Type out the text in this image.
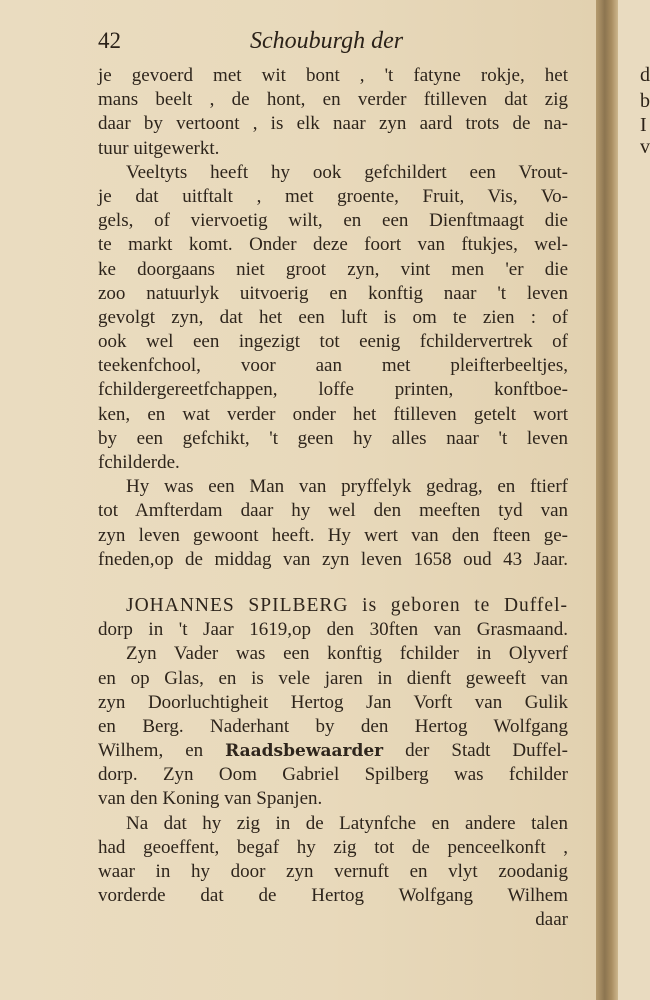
d
b
I
v
42	Schouburgh der
je gevoerd met wit bont , 't fatyne rokje, het
mans beelt , de hont, en verder ftilleven dat zig
daar by vertoont , is elk naar zyn aard trots de na-
tuur uitgewerkt.
Veeltyts heeft hy ook gefchildert een Vrout-
je dat uitftalt , met groente, Fruit, Vis, Vo-
gels, of viervoetig wilt, en een Dienftmaagt die
te markt komt. Onder deze foort van ftukjes, wel-
ke doorgaans niet groot zyn, vint men 'er die
zoo natuurlyk uitvoerig en konftig naar 't leven
gevolgt zyn, dat het een luft is om te zien : of
ook wel een ingezigt tot eenig fchildervertrek of
teekenfchool, voor aan met pleifterbeeltjes,
fchildergereetfchappen, loffe printen, konftboe-
ken, en wat verder onder het ftilleven getelt wort
by een gefchikt, 't geen hy alles naar 't leven
fchilderde.
Hy was een Man van pryffelyk gedrag, en ftierf
tot Amfterdam daar hy wel den meeften tyd van
zyn leven gewoont heeft. Hy wert van den fteen ge-
fneden,op de middag van zyn leven 1658 oud 43 Jaar.
JOHANNES SPILBERG is geboren te Duffel-
dorp in 't Jaar 1619,op den 30ften van Grasmaand.
Zyn Vader was een konftig fchilder in Olyverf
en op Glas, en is vele jaren in dienft geweeft van
zyn Doorluchtigheit Hertog Jan Vorft van Gulik
en Berg. Naderhant by den Hertog Wolfgang
Wilhem, en Raadsbewaarder der Stadt Duffel-
dorp. Zyn Oom Gabriel Spilberg was fchilder
van den Koning van Spanjen.
Na dat hy zig in de Latynfche en andere talen
had geoeffent, begaf hy zig tot de penceelkonft ,
waar in hy door zyn vernuft en vlyt zoodanig
vorderde dat de Hertog Wolfgang Wilhem
daar
